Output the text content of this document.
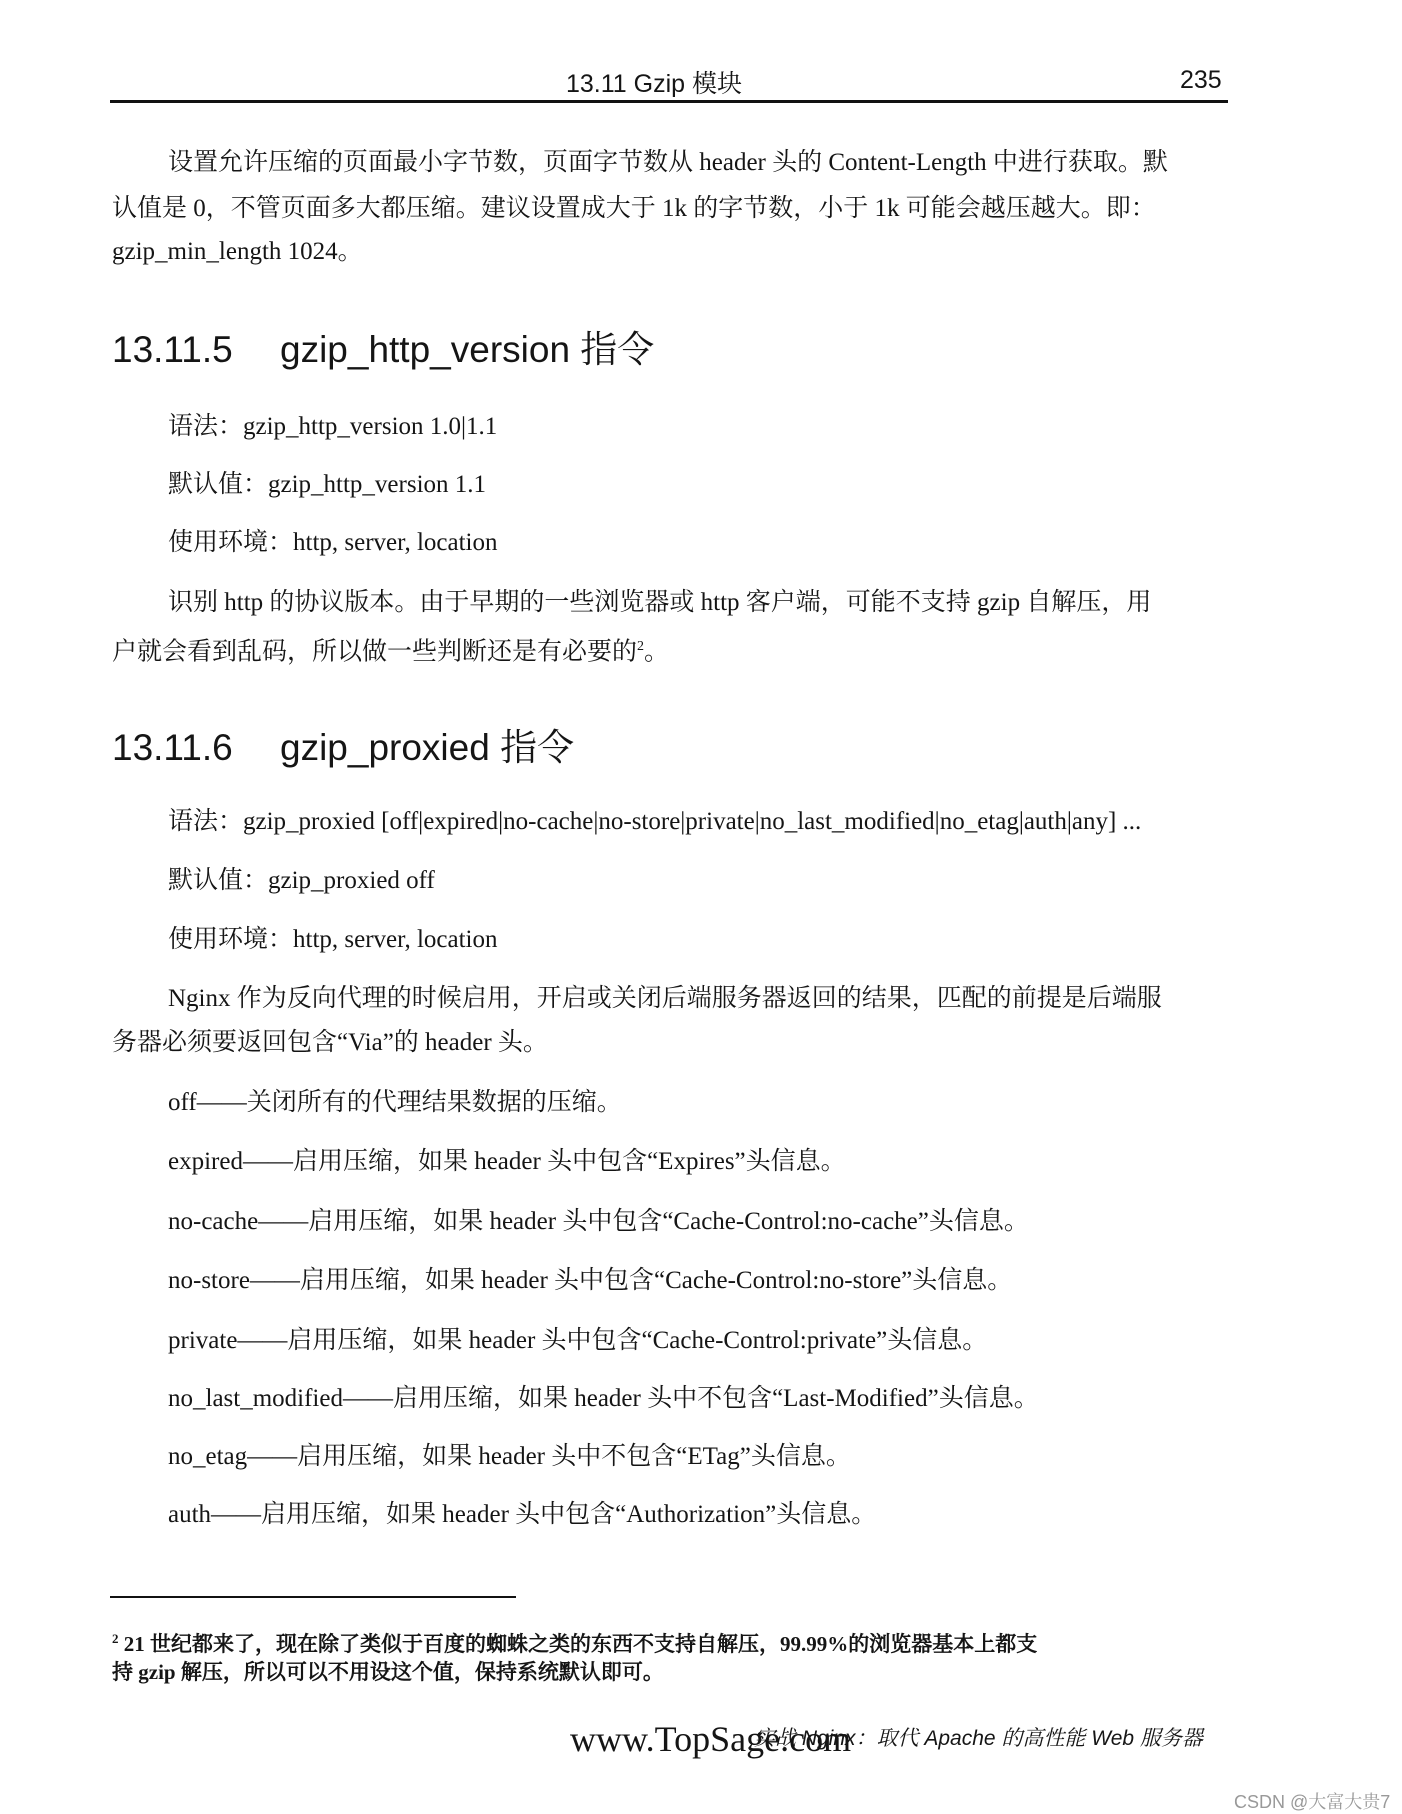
13.11 Gzip 模块	235
设置允许压缩的页面最小字节数，页面字节数从 header 头的 Content-Length 中进行获取。默
认值是 0，不管页面多大都压缩。建议设置成大于 1k 的字节数，小于 1k 可能会越压越大。即：
gzip_min_length 1024。
13.11.5 gzip_http_version 指令
语法：gzip_http_version 1.0|1.1
默认值：gzip_http_version 1.1
使用环境：http, server, location
识别 http 的协议版本。由于早期的一些浏览器或 http 客户端，可能不支持 gzip 自解压，用
户就会看到乱码，所以做一些判断还是有必要的$^2$。
13.11.6 gzip_proxied 指令
语法：gzip_proxied [off|expired|no-cache|no-store|private|no_last_modified|no_etag|auth|any] ...
默认值：gzip_proxied off
使用环境：http, server, location
Nginx 作为反向代理的时候启用，开启或关闭后端服务器返回的结果，匹配的前提是后端服
务器必须要返回包含“Via”的 header 头。
off——关闭所有的代理结果数据的压缩。
expired——启用压缩，如果 header 头中包含“Expires”头信息。
no-cache——启用压缩，如果 header 头中包含“Cache-Control:no-cache”头信息。
no-store——启用压缩，如果 header 头中包含“Cache-Control:no-store”头信息。
private——启用压缩，如果 header 头中包含“Cache-Control:private”头信息。
no_last_modified——启用压缩，如果 header 头中不包含“Last-Modified”头信息。
no_etag——启用压缩，如果 header 头中不包含“ETag”头信息。
auth——启用压缩，如果 header 头中包含“Authorization”头信息。
$^2$ 21 世纪都来了，现在除了类似于百度的蜘蛛之类的东西不支持自解压，99.99%的浏览器基本上都支
持 gzip 解压，所以可以不用设这个值，保持系统默认即可。
实战 Nginx：取代 Apache 的高性能 Web 服务器
www.TopSage.com
CSDN @大富大贵7
